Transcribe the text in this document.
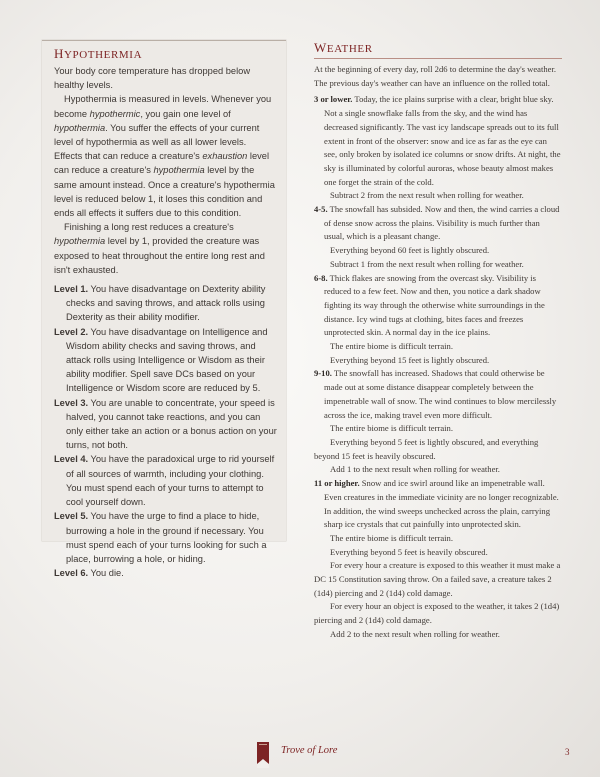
HYPOTHERMIA

Your body core temperature has dropped below healthy levels.

Hypothermia is measured in levels. Whenever you become hypothermic, you gain one level of hypothermia. You suffer the effects of your current level of hypothermia as well as all lower levels. Effects that can reduce a creature's exhaustion level can reduce a creature's hypothermia level by the same amount instead. Once a creature's hypothermia level is reduced below 1, it loses this condition and ends all effects it suffers due to this condition.

Finishing a long rest reduces a creature's hypothermia level by 1, provided the creature was exposed to heat throughout the entire long rest and isn't exhausted.

Level 1. You have disadvantage on Dexterity ability checks and saving throws, and attack rolls using Dexterity as their ability modifier.

Level 2. You have disadvantage on Intelligence and Wisdom ability checks and saving throws, and attack rolls using Intelligence or Wisdom as their ability modifier. Spell save DCs based on your Intelligence or Wisdom score are reduced by 5.

Level 3. You are unable to concentrate, your speed is halved, you cannot take reactions, and you can only either take an action or a bonus action on your turns, not both.

Level 4. You have the paradoxical urge to rid yourself of all sources of warmth, including your clothing. You must spend each of your turns to attempt to cool yourself down.

Level 5. You have the urge to find a place to hide, burrowing a hole in the ground if necessary. You must spend each of your turns looking for such a place, burrowing a hole, or hiding.

Level 6. You die.

WEATHER

At the beginning of every day, roll 2d6 to determine the day's weather. The previous day's weather can have an influence on the rolled total.

3 or lower. Today, the ice plains surprise with a clear, bright blue sky. Not a single snowflake falls from the sky, and the wind has decreased significantly. The vast icy landscape spreads out to its full extent in front of the observer: snow and ice as far as the eye can see, only broken by isolated ice columns or snow drifts. At night, the sky is illuminated by colorful auroras, whose beauty almost makes one forget the strain of the cold.

Subtract 2 from the next result when rolling for weather.

4-5. The snowfall has subsided. Now and then, the wind carries a cloud of dense snow across the plains. Visibility is much further than usual, which is a pleasant change.

Everything beyond 60 feet is lightly obscured.

Subtract 1 from the next result when rolling for weather.

6-8. Thick flakes are snowing from the overcast sky. Visibility is reduced to a few feet. Now and then, you notice a dark shadow fighting its way through the otherwise white surroundings in the distance. Icy wind tugs at clothing, bites faces and freezes unprotected skin. A normal day in the ice plains.

The entire biome is difficult terrain.

Everything beyond 15 feet is lightly obscured.

9-10. The snowfall has increased. Shadows that could otherwise be made out at some distance disappear completely between the impenetrable wall of snow. The wind continues to blow mercilessly across the ice, making travel even more difficult.

The entire biome is difficult terrain.

Everything beyond 5 feet is lightly obscured, and everything beyond 15 feet is heavily obscured.

Add 1 to the next result when rolling for weather.

11 or higher. Snow and ice swirl around like an impenetrable wall. Even creatures in the immediate vicinity are no longer recognizable. In addition, the wind sweeps unchecked across the plain, carrying sharp ice crystals that cut painfully into unprotected skin.

The entire biome is difficult terrain.

Everything beyond 5 feet is heavily obscured.

For every hour a creature is exposed to this weather it must make a DC 15 Constitution saving throw. On a failed save, a creature takes 2 (1d4) piercing and 2 (1d4) cold damage.

For every hour an object is exposed to the weather, it takes 2 (1d4) piercing and 2 (1d4) cold damage.

Add 2 to the next result when rolling for weather.

Trove of Lore	3
